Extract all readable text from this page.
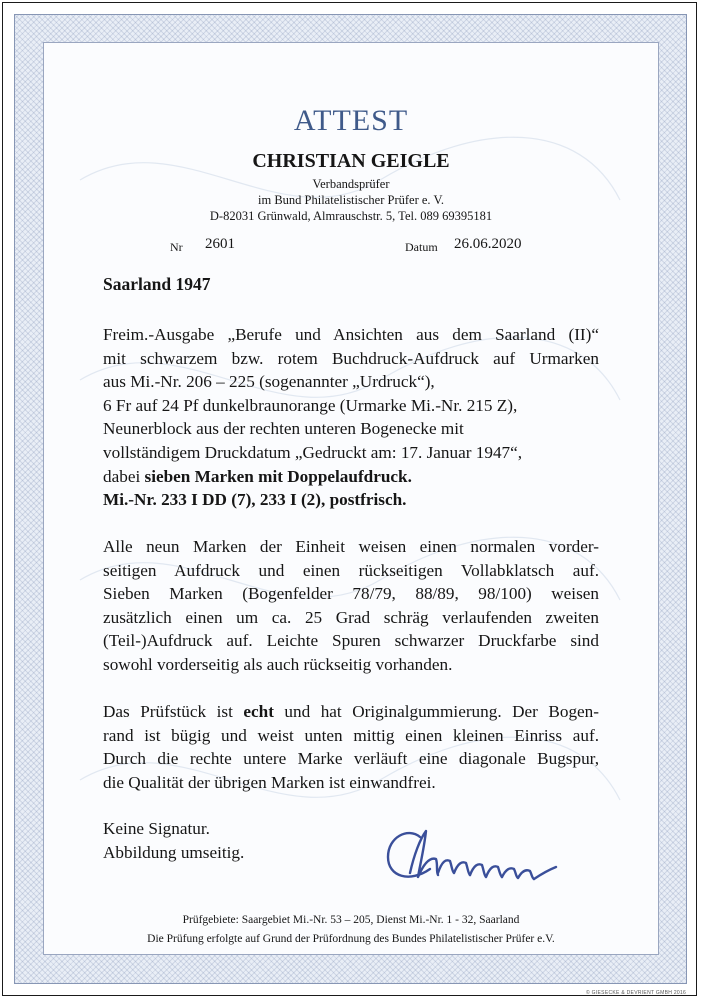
ATTEST
CHRISTIAN GEIGLE
Verbandsprüfer
im Bund Philatelistischer Prüfer e. V.
D-82031 Grünwald, Almrauschstr. 5, Tel. 089 69395181
Nr 2601	Datum 26.06.2020
Saarland 1947
Freim.-Ausgabe „Berufe und Ansichten aus dem Saarland (II)“
mit schwarzem bzw. rotem Buchdruck-Aufdruck auf Urmarken
aus Mi.-Nr. 206 – 225 (sogenannter „Urdruck“),
6 Fr auf 24 Pf dunkelbraunorange (Urmarke Mi.-Nr. 215 Z),
Neunerblock aus der rechten unteren Bogenecke mit
vollständigem Druckdatum „Gedruckt am: 17. Januar 1947“,
dabei sieben Marken mit Doppelaufdruck.
Mi.-Nr. 233 I DD (7), 233 I (2), postfrisch.
Alle neun Marken der Einheit weisen einen normalen vorder-
seitigen Aufdruck und einen rückseitigen Vollabklatsch auf.
Sieben Marken (Bogenfelder 78/79, 88/89, 98/100) weisen
zusätzlich einen um ca. 25 Grad schräg verlaufenden zweiten
(Teil-)Aufdruck auf. Leichte Spuren schwarzer Druckfarbe sind
sowohl vorderseitig als auch rückseitig vorhanden.
Das Prüfstück ist echt und hat Originalgummierung. Der Bogen-
rand ist bügig und weist unten mittig einen kleinen Einriss auf.
Durch die rechte untere Marke verläuft eine diagonale Bugspur,
die Qualität der übrigen Marken ist einwandfrei.
Keine Signatur.
Abbildung umseitig.
Prüfgebiete: Saargebiet Mi.-Nr. 53 – 205, Dienst Mi.-Nr. 1 - 32, Saarland
Die Prüfung erfolgte auf Grund der Prüfordnung des Bundes Philatelistischer Prüfer e.V.
© GIESECKE & DEVRIENT GMBH 2016
